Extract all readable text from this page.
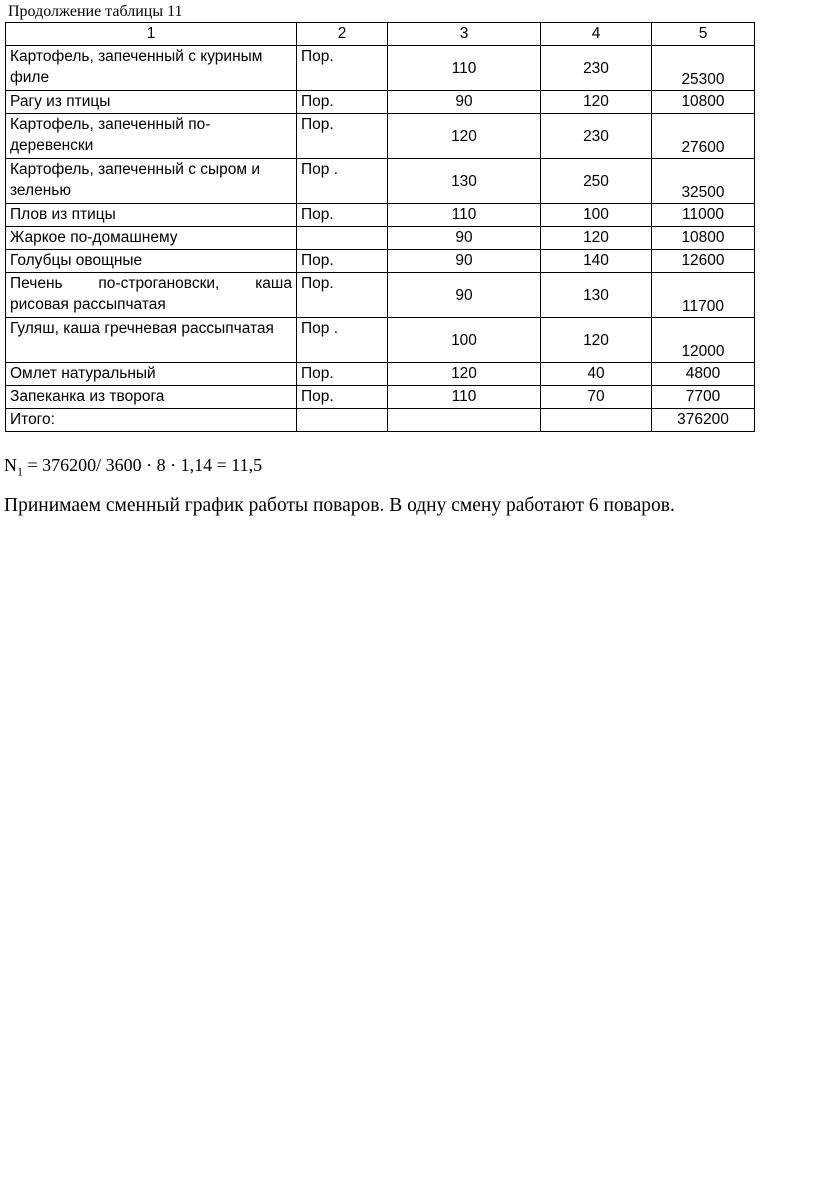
Продолжение таблицы 11
1	2	3	4	5
Картофель, запеченный с куриным филе	Пор.	110	230	25300
Рагу из птицы	Пор.	90	120	10800
Картофель, запеченный по-деревенски	Пор.	120	230	27600
Картофель, запеченный с сыром и зеленью	Пор .	130	250	32500
Плов из птицы	Пор.	110	100	11000
Жаркое по-домашнему		90	120	10800
Голубцы овощные	Пор.	90	140	12600
Печень по-строгановски, каша рисовая рассыпчатая	Пор.	90	130	11700
Гуляш, каша гречневая рассыпчатая	Пор .	100	120	12000
Омлет натуральный	Пор.	120	40	4800
Запеканка из творога	Пор.	110	70	7700
Итого:				376200
$N_1 = 376200/$ 3600 · 8 · 1,14 = 11,5
Принимаем сменный график работы поваров. В одну смену работают 6 поваров.
